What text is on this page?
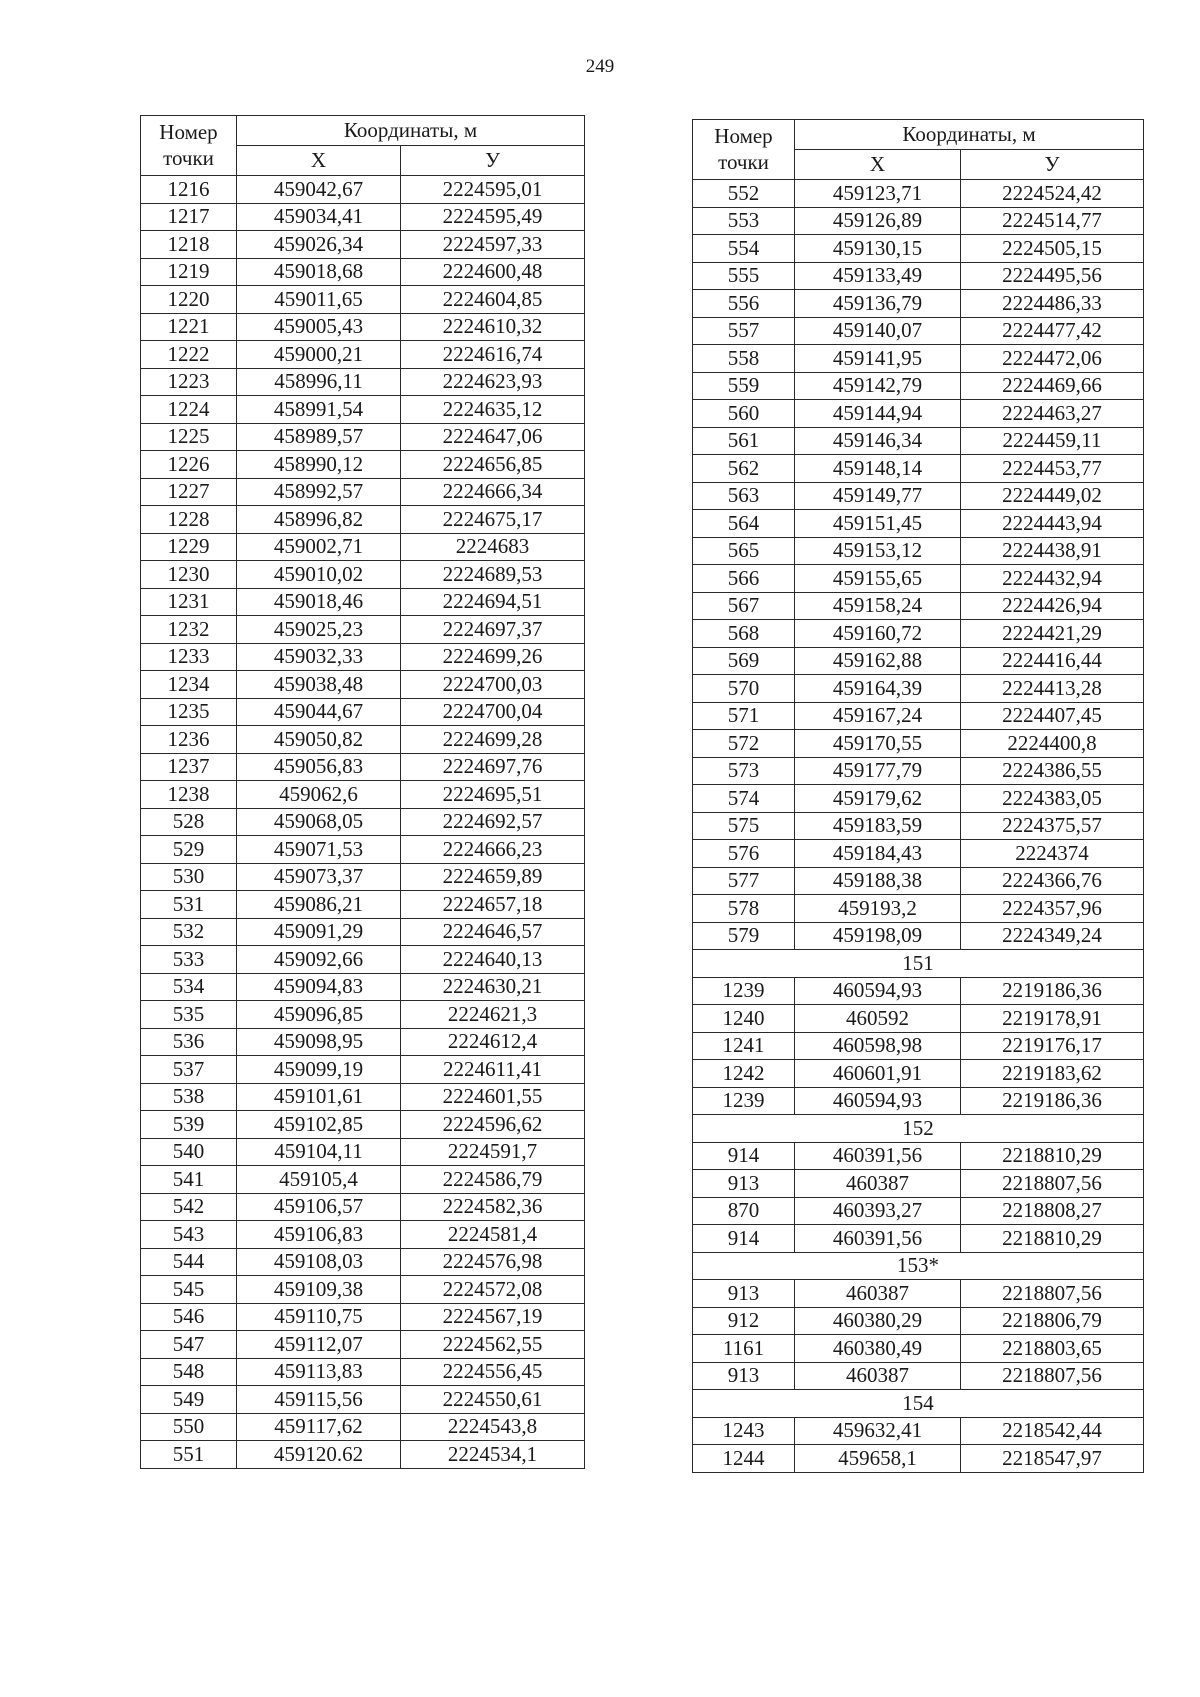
249
Номер точки	Координаты, м	
	X	У
1216	459042,67	2224595,01
1217	459034,41	2224595,49
1218	459026,34	2224597,33
1219	459018,68	2224600,48
1220	459011,65	2224604,85
1221	459005,43	2224610,32
1222	459000,21	2224616,74
1223	458996,11	2224623,93
1224	458991,54	2224635,12
1225	458989,57	2224647,06
1226	458990,12	2224656,85
1227	458992,57	2224666,34
1228	458996,82	2224675,17
1229	459002,71	2224683
1230	459010,02	2224689,53
1231	459018,46	2224694,51
1232	459025,23	2224697,37
1233	459032,33	2224699,26
1234	459038,48	2224700,03
1235	459044,67	2224700,04
1236	459050,82	2224699,28
1237	459056,83	2224697,76
1238	459062,6	2224695,51
528	459068,05	2224692,57
529	459071,53	2224666,23
530	459073,37	2224659,89
531	459086,21	2224657,18
532	459091,29	2224646,57
533	459092,66	2224640,13
534	459094,83	2224630,21
535	459096,85	2224621,3
536	459098,95	2224612,4
537	459099,19	2224611,41
538	459101,61	2224601,55
539	459102,85	2224596,62
540	459104,11	2224591,7
541	459105,4	2224586,79
542	459106,57	2224582,36
543	459106,83	2224581,4
544	459108,03	2224576,98
545	459109,38	2224572,08
546	459110,75	2224567,19
547	459112,07	2224562,55
548	459113,83	2224556,45
549	459115,56	2224550,61
550	459117,62	2224543,8
551	459120.62	2224534,1
Номер точки	Координаты, м	
	X	У
552	459123,71	2224524,42
553	459126,89	2224514,77
554	459130,15	2224505,15
555	459133,49	2224495,56
556	459136,79	2224486,33
557	459140,07	2224477,42
558	459141,95	2224472,06
559	459142,79	2224469,66
560	459144,94	2224463,27
561	459146,34	2224459,11
562	459148,14	2224453,77
563	459149,77	2224449,02
564	459151,45	2224443,94
565	459153,12	2224438,91
566	459155,65	2224432,94
567	459158,24	2224426,94
568	459160,72	2224421,29
569	459162,88	2224416,44
570	459164,39	2224413,28
571	459167,24	2224407,45
572	459170,55	2224400,8
573	459177,79	2224386,55
574	459179,62	2224383,05
575	459183,59	2224375,57
576	459184,43	2224374
577	459188,38	2224366,76
578	459193,2	2224357,96
579	459198,09	2224349,24
151		
1239	460594,93	2219186,36
1240	460592	2219178,91
1241	460598,98	2219176,17
1242	460601,91	2219183,62
1239	460594,93	2219186,36
152		
914	460391,56	2218810,29
913	460387	2218807,56
870	460393,27	2218808,27
914	460391,56	2218810,29
153*		
913	460387	2218807,56
912	460380,29	2218806,79
1161	460380,49	2218803,65
913	460387	2218807,56
154		
1243	459632,41	2218542,44
1244	459658,1	2218547,97
